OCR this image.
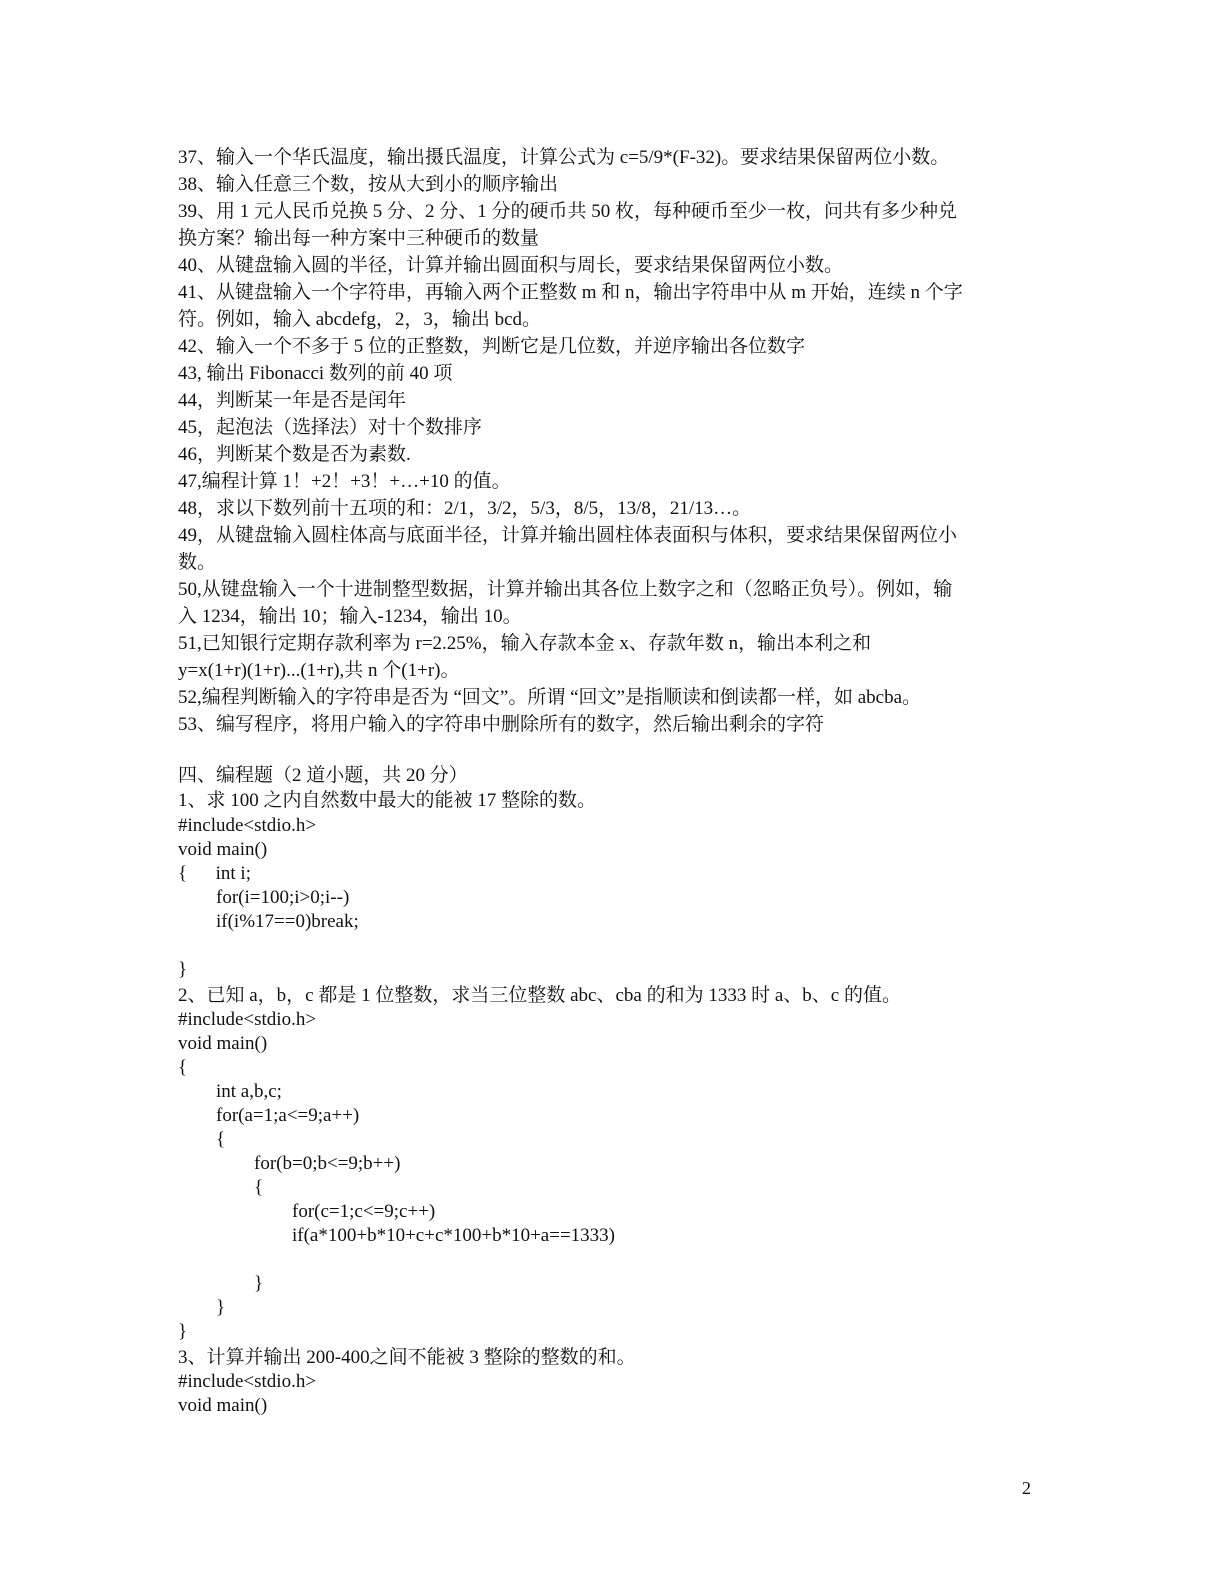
37、输入一个华氏温度，输出摄氏温度，计算公式为 c=5/9*(F-32)。要求结果保留两位小数。
38、输入任意三个数，按从大到小的顺序输出
39、用 1 元人民币兑换 5 分、2 分、1 分的硬币共 50 枚，每种硬币至少一枚，问共有多少种兑
换方案？输出每一种方案中三种硬币的数量
40、从键盘输入圆的半径，计算并输出圆面积与周长，要求结果保留两位小数。
41、从键盘输入一个字符串，再输入两个正整数 m 和 n，输出字符串中从 m 开始，连续 n 个字
符。例如，输入 abcdefg，2，3，输出 bcd。
42、输入一个不多于 5 位的正整数，判断它是几位数，并逆序输出各位数字
43, 输出 Fibonacci 数列的前 40 项
44，判断某一年是否是闰年
45，起泡法（选择法）对十个数排序
46，判断某个数是否为素数.
47,编程计算 1！+2！+3！+…+10 的值。
48，求以下数列前十五项的和：2/1，3/2，5/3，8/5，13/8，21/13…。
49，从键盘输入圆柱体高与底面半径，计算并输出圆柱体表面积与体积，要求结果保留两位小
数。
50,从键盘输入一个十进制整型数据，计算并输出其各位上数字之和（忽略正负号）。例如，输
入 1234，输出 10；输入-1234，输出 10。
51,已知银行定期存款利率为 r=2.25%，输入存款本金 x、存款年数 n，输出本利之和
y=x(1+r)(1+r)...(1+r),共 n 个(1+r)。
52,编程判断输入的字符串是否为 “回文”。所谓 “回文”是指顺读和倒读都一样，如 abcba。
53、编写程序，将用户输入的字符串中删除所有的数字，然后输出剩余的字符
四、编程题（2 道小题，共 20 分）
1、求 100 之内自然数中最大的能被 17 整除的数。
#include<stdio.h>
void main()
{      int i;
for(i=100;i>0;i--)
if(i%17==0)break;
}
2、已知 a，b，c 都是 1 位整数，求当三位整数 abc、cba 的和为 1333 时 a、b、c 的值。
#include<stdio.h>
void main()
{
int a,b,c;
for(a=1;a<=9;a++)
{
for(b=0;b<=9;b++)
{
for(c=1;c<=9;c++)
if(a*100+b*10+c+c*100+b*10+a==1333)
}
}
}
3、计算并输出 200-400之间不能被 3 整除的整数的和。
#include<stdio.h>
void main()
2
